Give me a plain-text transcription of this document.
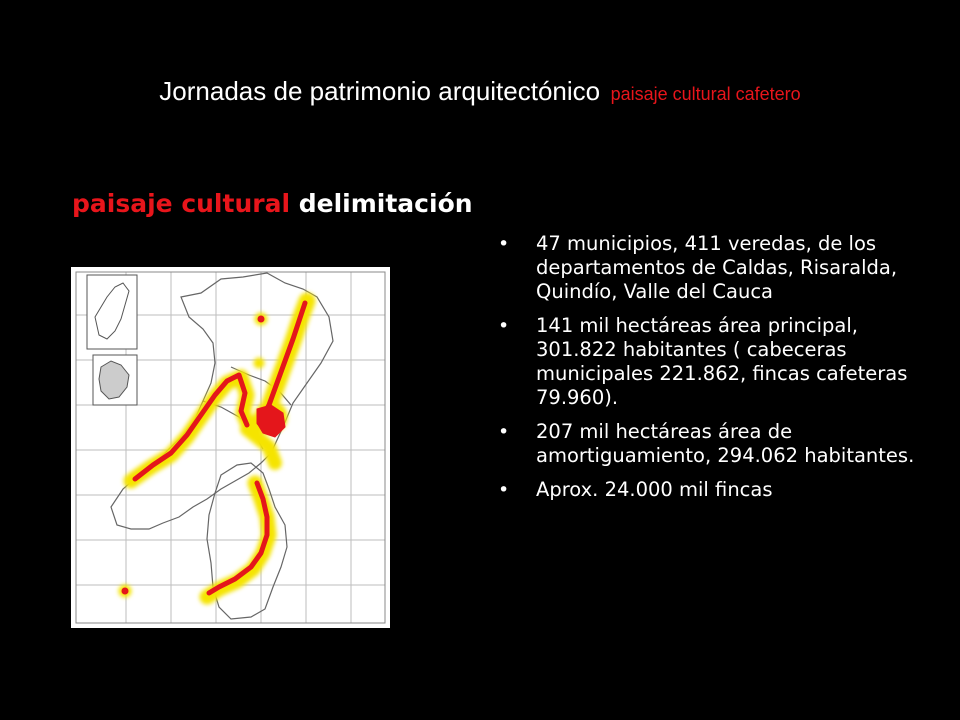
Jornadas de patrimonio arquitectónico paisaje cultural cafetero
paisaje cultural delimitación
• 47 municipios, 411 veredas, de los departamentos de Caldas, Risaralda, Quindío, Valle del Cauca
• 141 mil hectáreas área principal, 301.822 habitantes ( cabeceras municipales 221.862, fincas cafeteras 79.960).
• 207 mil hectáreas área de amortiguamiento, 294.062 habitantes.
• Aprox. 24.000 mil fincas
